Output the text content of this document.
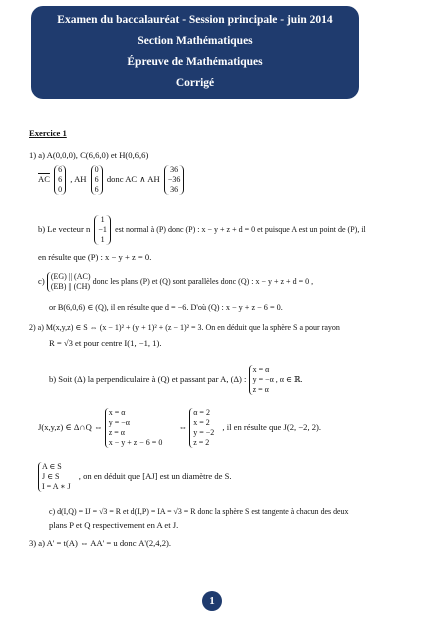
Examen du baccalauréat - Session principale - juin 2014
Section Mathématiques
Épreuve de Mathématiques
Corrigé
Exercice 1
1) a) A(0,0,0), C(6,6,0) et H(0,6,6)
$\overline{AC}$
6
6
0
, AH
0
6
6
donc AC ∧ AH
36
−36
36
b) Le vecteur n
1
−1
1
est normal à (P) donc (P) : x − y + z + d = 0 et puisque A est un point de (P), il
en résulte que (P) : x − y + z = 0.
c) (EG) || (AC)
(EB) || (CH)
donc les plans (P) et (Q) sont parallèles donc (Q) : x − y + z + d = 0 ,
or B(6,0,6) ∈ (Q), il en résulte que d = −6. D'où (Q) : x − y + z − 6 = 0.
2) a) M(x,y,z) ∈ S ⇔ (x − 1)² + (y + 1)² + (z − 1)² = 3. On en déduit que la sphère S a pour rayon
R = √3 et pour centre I(1, −1, 1).
b) Soit (Δ) la perpendiculaire à (Q) et passant par A, (Δ) :
x = α
y = −α , α ∈ ℝ.
z = α
J(x,y,z) ∈ Δ∩Q ⇔
x = α
y = −α
z = α
x − y + z − 6 = 0
⇔
α = 2
x = 2
y = −2
z = 2
, il en résulte que J(2, −2, 2).
A ∈ S
J ∈ S
I = A ∗ J
, on en déduit que [AJ] est un diamètre de S.
c) d(I,Q) = IJ = √3 = R et d(I,P) = IA = √3 = R donc la sphère S est tangente à chacun des deux
plans P et Q respectivement en A et J.
3) a) A' = t(A) ⇔ AA' = u donc A'(2,4,2).
1
